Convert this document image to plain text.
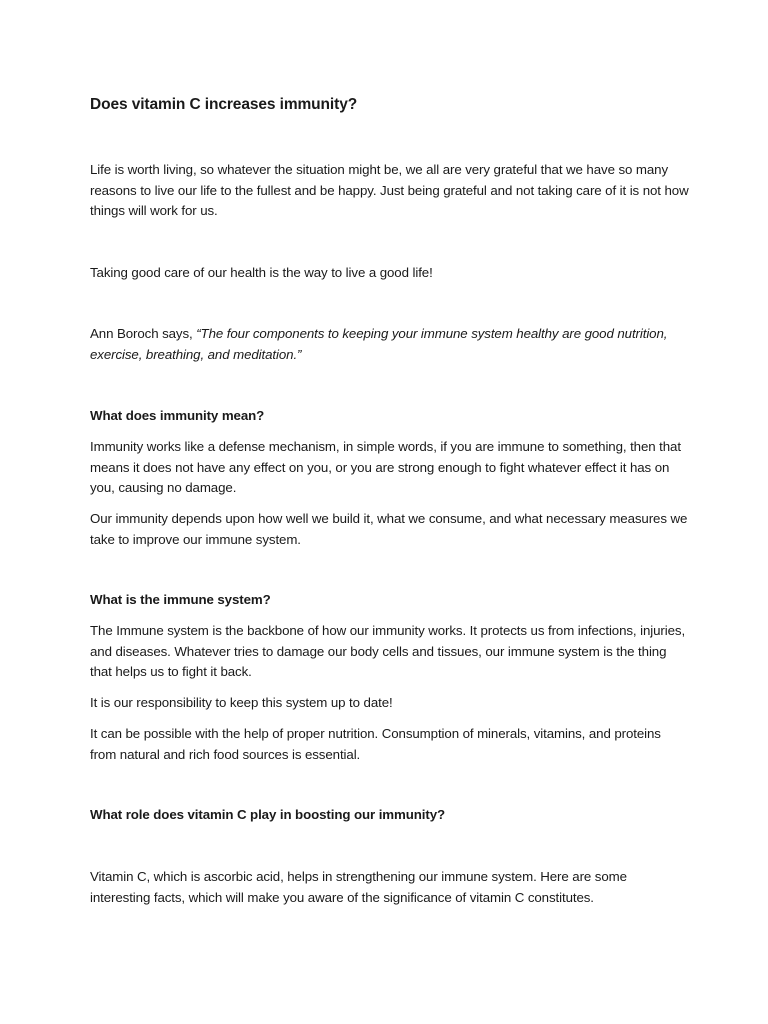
Does vitamin C increases immunity?

Life is worth living, so whatever the situation might be, we all are very grateful that we have so many reasons to live our life to the fullest and be happy. Just being grateful and not taking care of it is not how things will work for us.

Taking good care of our health is the way to live a good life!

Ann Boroch says, “The four components to keeping your immune system healthy are good nutrition, exercise, breathing, and meditation.”

What does immunity mean?

Immunity works like a defense mechanism, in simple words, if you are immune to something, then that means it does not have any effect on you, or you are strong enough to fight whatever effect it has on you, causing no damage.

Our immunity depends upon how well we build it, what we consume, and what necessary measures we take to improve our immune system.

What is the immune system?

The Immune system is the backbone of how our immunity works. It protects us from infections, injuries, and diseases. Whatever tries to damage our body cells and tissues, our immune system is the thing that helps us to fight it back.

It is our responsibility to keep this system up to date!

It can be possible with the help of proper nutrition. Consumption of minerals, vitamins, and proteins from natural and rich food sources is essential.

What role does vitamin C play in boosting our immunity?

Vitamin C, which is ascorbic acid, helps in strengthening our immune system. Here are some interesting facts, which will make you aware of the significance of vitamin C constitutes.
